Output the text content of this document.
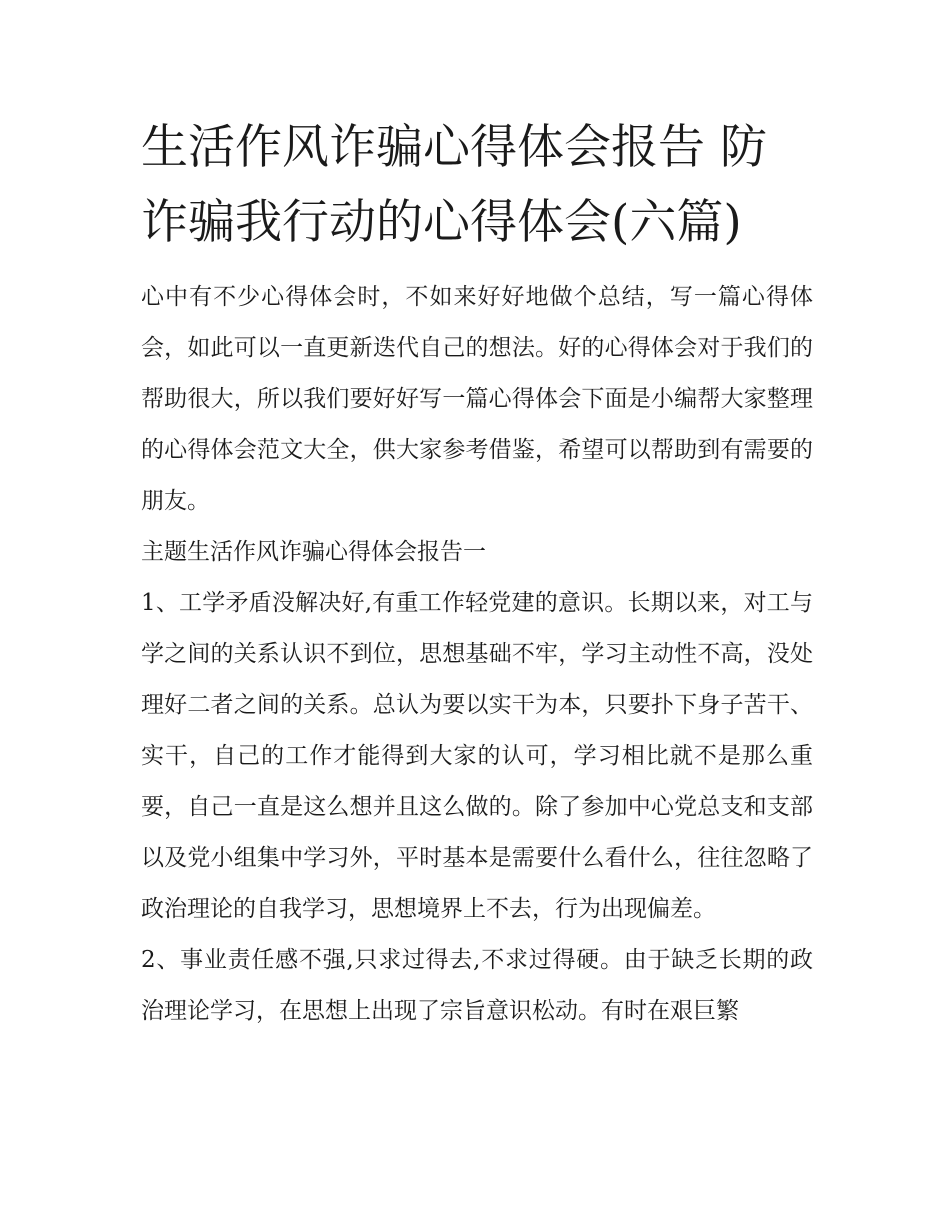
生活作风诈骗心得体会报告 防诈骗我行动的心得体会(六篇)

心中有不少心得体会时，不如来好好地做个总结，写一篇心得体会，如此可以一直更新迭代自己的想法。好的心得体会对于我们的帮助很大，所以我们要好好写一篇心得体会下面是小编帮大家整理的心得体会范文大全，供大家参考借鉴，希望可以帮助到有需要的朋友。

主题生活作风诈骗心得体会报告一

1、工学矛盾没解决好,有重工作轻党建的意识。长期以来，对工与学之间的关系认识不到位，思想基础不牢，学习主动性不高，没处理好二者之间的关系。总认为要以实干为本，只要扑下身子苦干、实干，自己的工作才能得到大家的认可，学习相比就不是那么重要，自己一直是这么想并且这么做的。除了参加中心党总支和支部以及党小组集中学习外，平时基本是需要什么看什么，往往忽略了政治理论的自我学习，思想境界上不去，行为出现偏差。

2、事业责任感不强,只求过得去,不求过得硬。由于缺乏长期的政治理论学习，在思想上出现了宗旨意识松动。有时在艰巨繁
